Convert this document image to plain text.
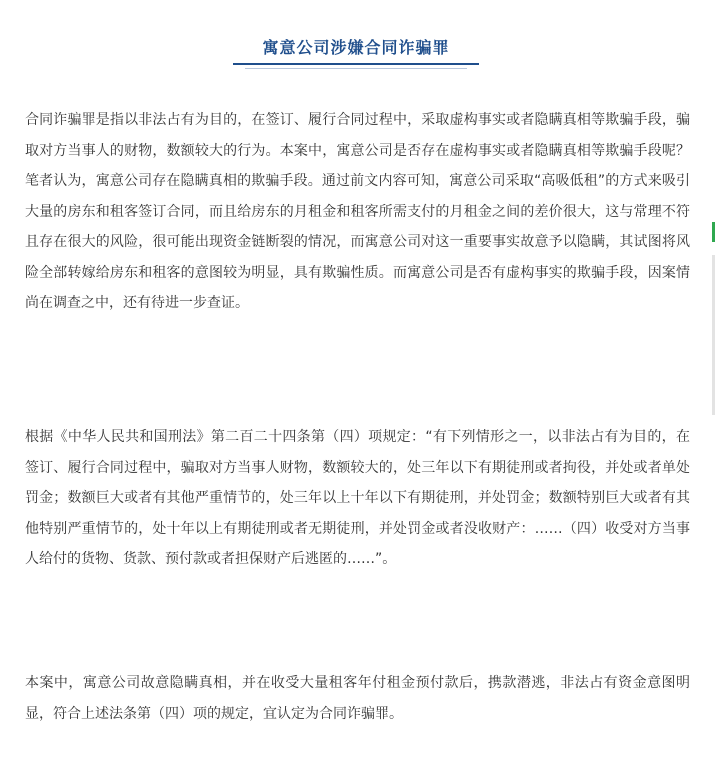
寓意公司涉嫌合同诈骗罪

合同诈骗罪是指以非法占有为目的，在签订、履行合同过程中，采取虚构事实或者隐瞒真相等欺骗手段，骗取对方当事人的财物，数额较大的行为。本案中，寓意公司是否存在虚构事实或者隐瞒真相等欺骗手段呢？笔者认为，寓意公司存在隐瞒真相的欺骗手段。通过前文内容可知，寓意公司采取“高吸低租”的方式来吸引大量的房东和租客签订合同，而且给房东的月租金和租客所需支付的月租金之间的差价很大，这与常理不符且存在很大的风险，很可能出现资金链断裂的情况，而寓意公司对这一重要事实故意予以隐瞒，其试图将风险全部转嫁给房东和租客的意图较为明显，具有欺骗性质。而寓意公司是否有虚构事实的欺骗手段，因案情尚在调查之中，还有待进一步查证。

根据《中华人民共和国刑法》第二百二十四条第（四）项规定：“有下列情形之一，以非法占有为目的，在签订、履行合同过程中，骗取对方当事人财物，数额较大的，处三年以下有期徒刑或者拘役，并处或者单处罚金；数额巨大或者有其他严重情节的，处三年以上十年以下有期徒刑，并处罚金；数额特别巨大或者有其他特别严重情节的，处十年以上有期徒刑或者无期徒刑，并处罚金或者没收财产：……（四）收受对方当事人给付的货物、货款、预付款或者担保财产后逃匿的……”。

本案中，寓意公司故意隐瞒真相，并在收受大量租客年付租金预付款后，携款潜逃，非法占有资金意图明显，符合上述法条第（四）项的规定，宜认定为合同诈骗罪。
